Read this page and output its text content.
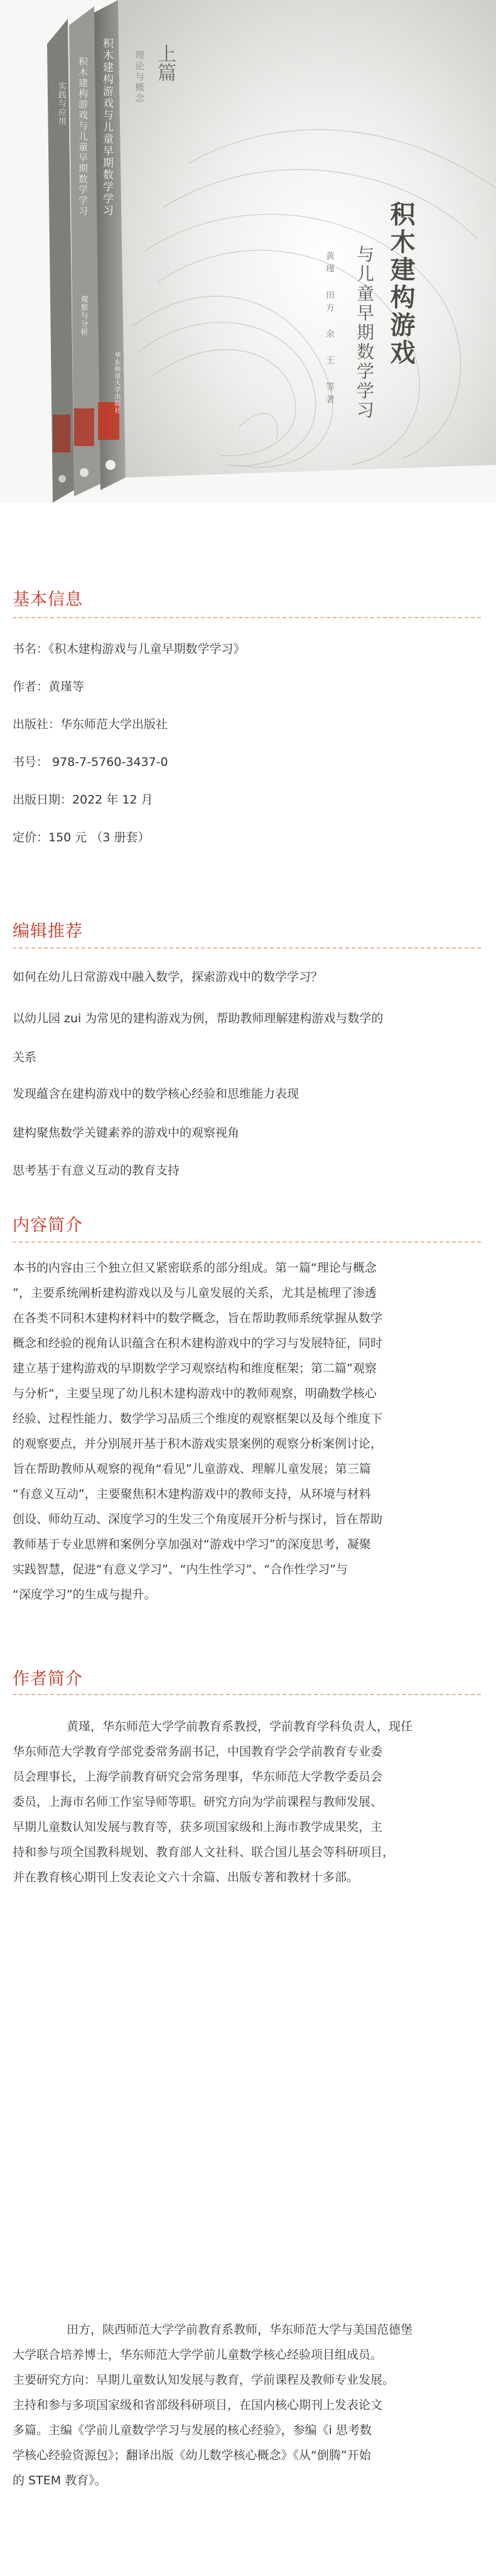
积木建构游戏与儿童早期数学学习
积木建构游戏与儿童早期数学学习
实践与应用
观察与分析
上篇
理论与概念
积木建构游戏
与儿童早期数学学习
黄瑾 田方 余 王 等著
华东师范大学出版社
基本信息
书名：《积木建构游戏与儿童早期数学学习》
作者：黄瑾等
出版社：华东师范大学出版社
书号： 978-7-5760-3437-0
出版日期：2022 年 12 月
定价：150 元 （3 册套）
编辑推荐
如何在幼儿日常游戏中融入数学，探索游戏中的数学学习？
以幼儿园 zui 为常见的建构游戏为例，帮助教师理解建构游戏与数学的
关系
发现蕴含在建构游戏中的数学核心经验和思维能力表现
建构聚焦数学关键素养的游戏中的观察视角
思考基于有意义互动的教育支持
内容简介
本书的内容由三个独立但又紧密联系的部分组成。第一篇“理论与概念
”，主要系统阐析建构游戏以及与儿童发展的关系，尤其是梳理了渗透
在各类不同积木建构材料中的数学概念，旨在帮助教师系统掌握从数学
概念和经验的视角认识蕴含在积木建构游戏中的学习与发展特征，同时
建立基于建构游戏的早期数学学习观察结构和维度框架；第二篇”观察
与分析“，主要呈现了幼儿积木建构游戏中的教师观察，明确数学核心
经验、过程性能力、数学学习品质三个维度的观察框架以及每个维度下
的观察要点，并分别展开基于积木游戏实景案例的观察分析案例讨论，
旨在帮助教师从观察的视角“看见”儿童游戏、理解儿童发展；第三篇
“有意义互动”，主要聚焦积木建构游戏中的教师支持，从环境与材料
创设、师幼互动、深度学习的生发三个角度展开分析与探讨，旨在帮助
教师基于专业思辨和案例分享加强对“游戏中学习”的深度思考，凝聚
实践智慧，促进“有意义学习”、“内生性学习”、“合作性学习”与
“深度学习”的生成与提升。
作者简介
黄瑾，华东师范大学学前教育系教授，学前教育学科负责人，现任
华东师范大学教育学部党委常务副书记，中国教育学会学前教育专业委
员会理事长，上海学前教育研究会常务理事，华东师范大学教学委员会
委员，上海市名师工作室导师等职。研究方向为学前课程与教师发展、
早期儿童数认知发展与教育等，获多项国家级和上海市教学成果奖，主
持和参与项全国教科规划、教育部人文社科、联合国儿基会等科研项目，
并在教育核心期刊上发表论文六十余篇、出版专著和教材十多部。
田方，陕西师范大学学前教育系教师，华东师范大学与美国范德堡
大学联合培养博士，华东师范大学学前儿童数学核心经验项目组成员。
主要研究方向：早期儿童数认知发展与教育，学前课程及教师专业发展。
主持和参与多项国家级和省部级科研项目，在国内核心期刊上发表论文
多篇。主编《学前儿童数学学习与发展的核心经验》，参编《i 思考数
学核心经验资源包》；翻译出版《幼儿数学核心概念》《从“倒腾”开始
的 STEM 教育》。
